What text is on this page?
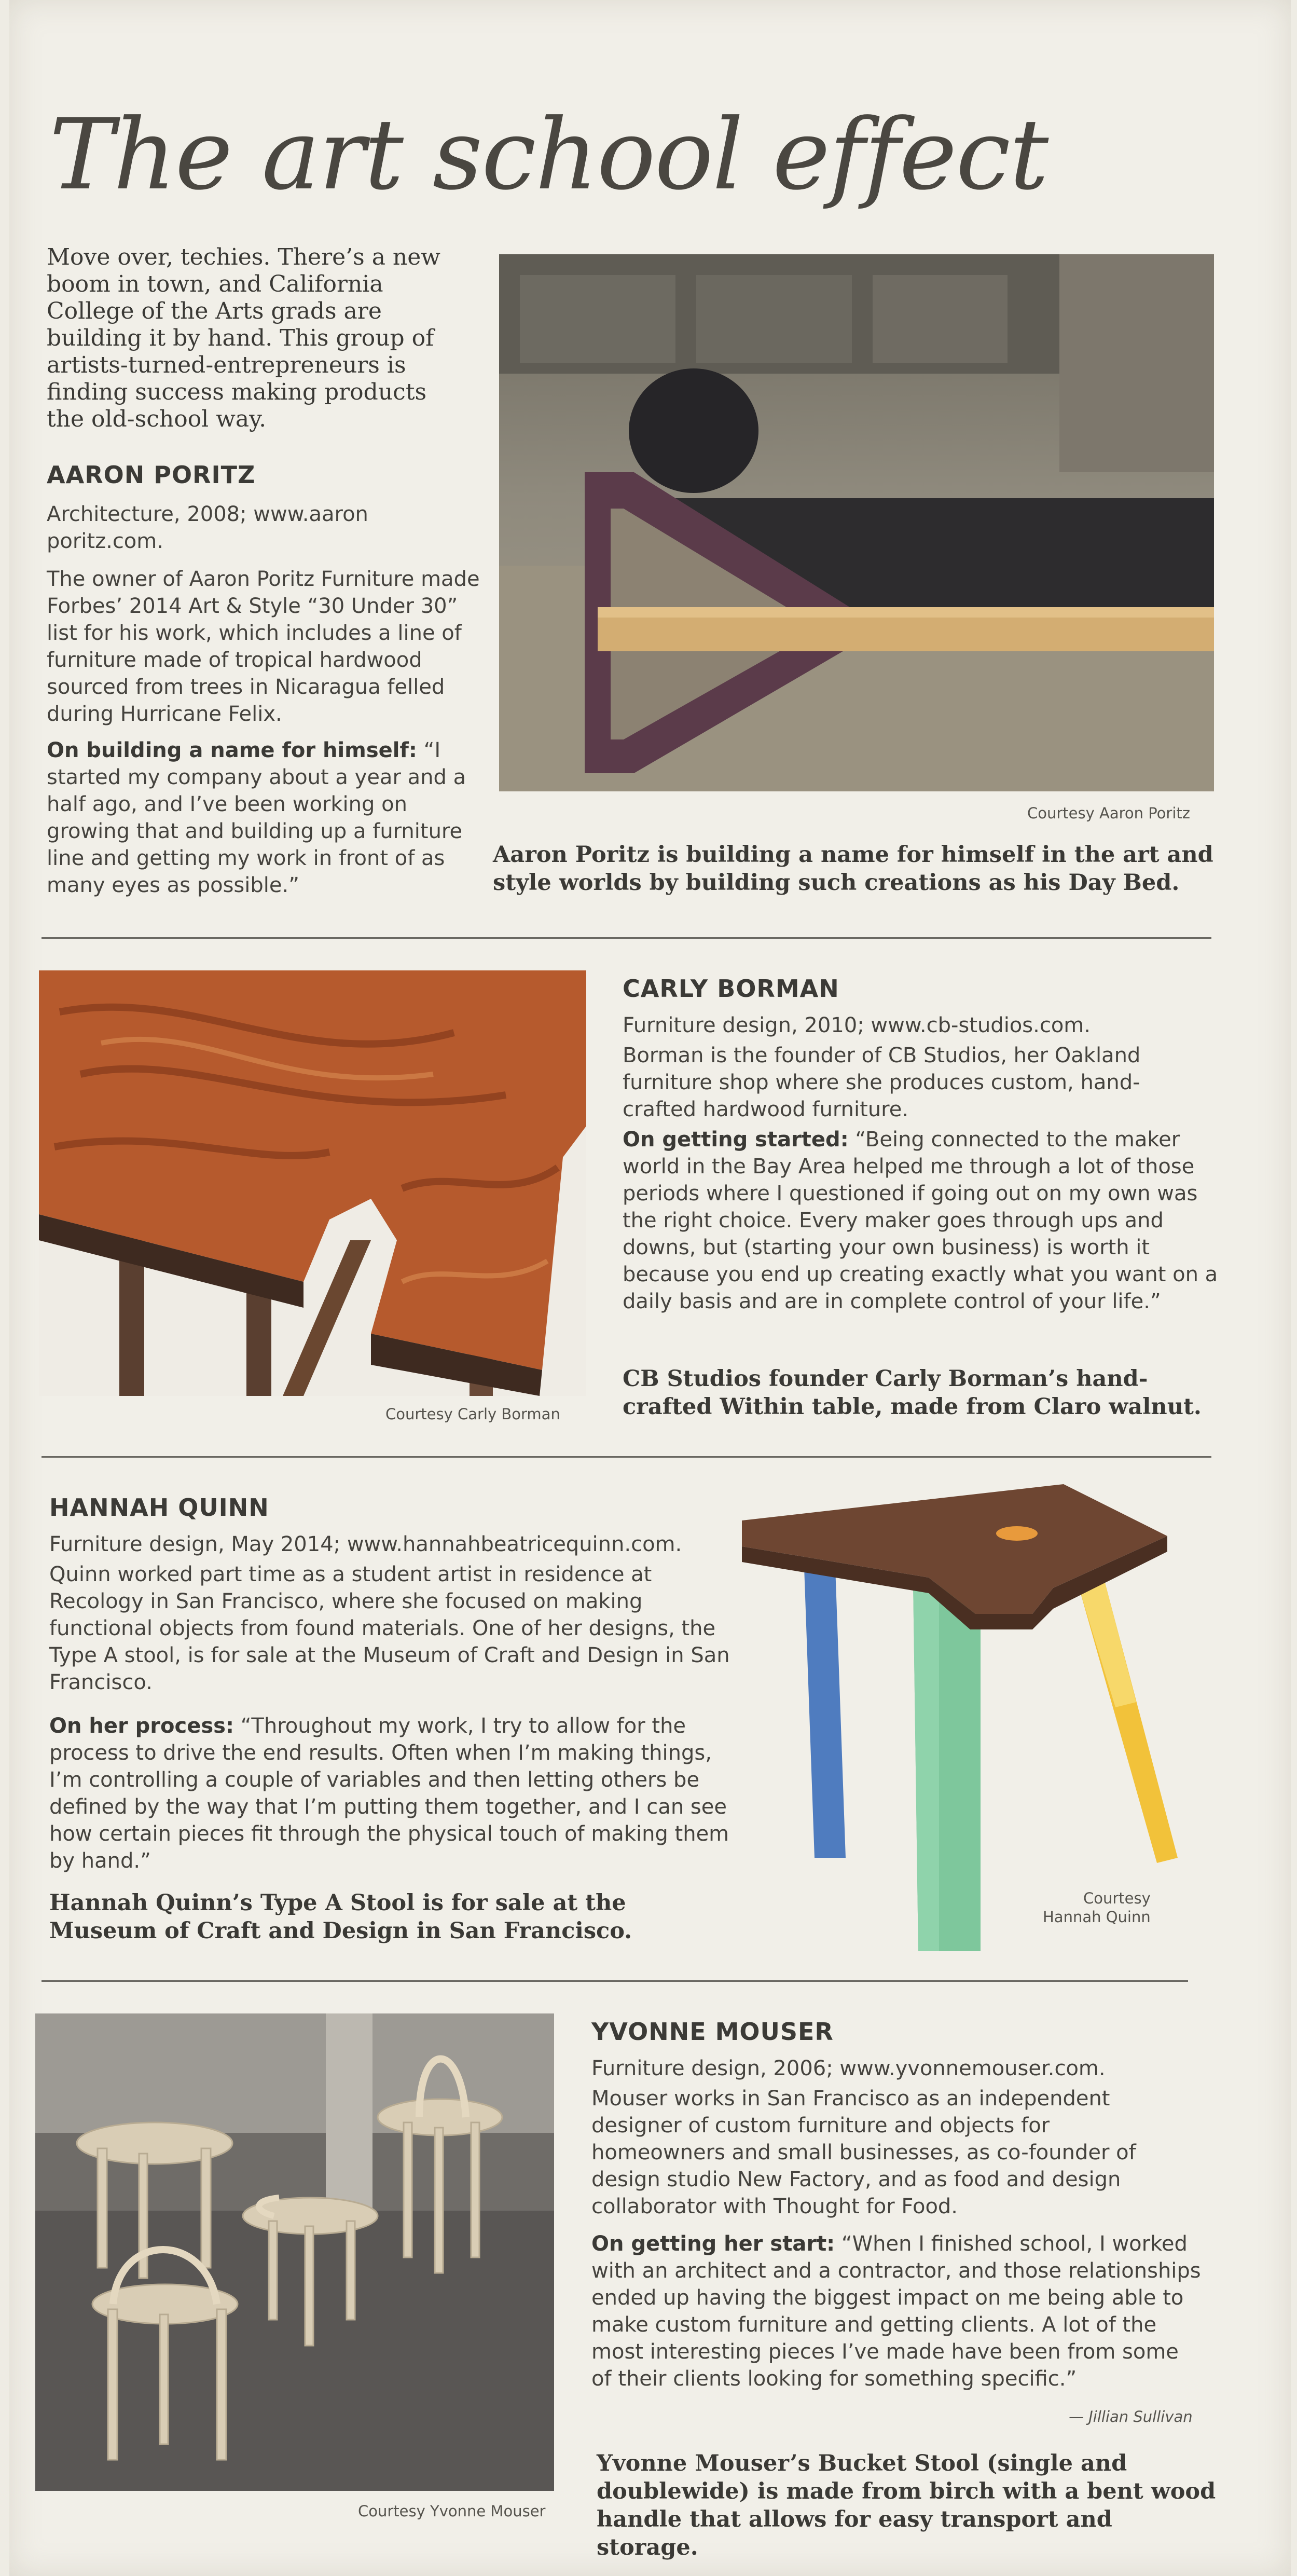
The art school effect
Move over, techies. There’s a new boom in town, and California College of the Arts grads are building it by hand. This group of artists-turned-entrepreneurs is finding success making products the old-school way.
AARON PORITZ
Architecture, 2008; www.aaron poritz.com.
The owner of Aaron Poritz Furniture made Forbes’ 2014 Art & Style “30 Under 30” list for his work, which includes a line of furniture made of tropical hardwood sourced from trees in Nicaragua felled during Hurricane Felix.
On building a name for himself: “I started my company about a year and a half ago, and I’ve been working on growing that and building up a furniture line and getting my work in front of as many eyes as possible.”
Courtesy Aaron Poritz
Aaron Poritz is building a name for himself in the art and style worlds by building such creations as his Day Bed.
Courtesy Carly Borman
CARLY BORMAN
Furniture design, 2010; www.cb-studios.com.
Borman is the founder of CB Studios, her Oakland furniture shop where she produces custom, hand-crafted hardwood furniture.
On getting started: “Being connected to the maker world in the Bay Area helped me through a lot of those periods where I questioned if going out on my own was the right choice. Every maker goes through ups and downs, but (starting your own business) is worth it because you end up creating exactly what you want on a daily basis and are in complete control of your life.”
CB Studios founder Carly Borman’s hand-crafted Within table, made from Claro walnut.
HANNAH QUINN
Furniture design, May 2014; www.hannahbeatricequinn.com.
Quinn worked part time as a student artist in residence at Recology in San Francisco, where she focused on making functional objects from found materials. One of her designs, the Type A stool, is for sale at the Museum of Craft and Design in San Francisco.
On her process: “Throughout my work, I try to allow for the process to drive the end results. Often when I’m making things, I’m controlling a couple of variables and then letting others be defined by the way that I’m putting them together, and I can see how certain pieces fit through the physical touch of making them by hand.”
Hannah Quinn’s Type A Stool is for sale at the Museum of Craft and Design in San Francisco.
Courtesy
Hannah Quinn
Courtesy Yvonne Mouser
YVONNE MOUSER
Furniture design, 2006; www.yvonnemouser.com.
Mouser works in San Francisco as an independent designer of custom furniture and objects for homeowners and small businesses, as co-founder of design studio New Factory, and as food and design collaborator with Thought for Food.
On getting her start: “When I finished school, I worked with an architect and a contractor, and those relationships ended up having the biggest impact on me being able to make custom furniture and getting clients. A lot of the most interesting pieces I’ve made have been from some of their clients looking for something specific.”
— Jillian Sullivan
Yvonne Mouser’s Bucket Stool (single and doublewide) is made from birch with a bent wood handle that allows for easy transport and storage.
